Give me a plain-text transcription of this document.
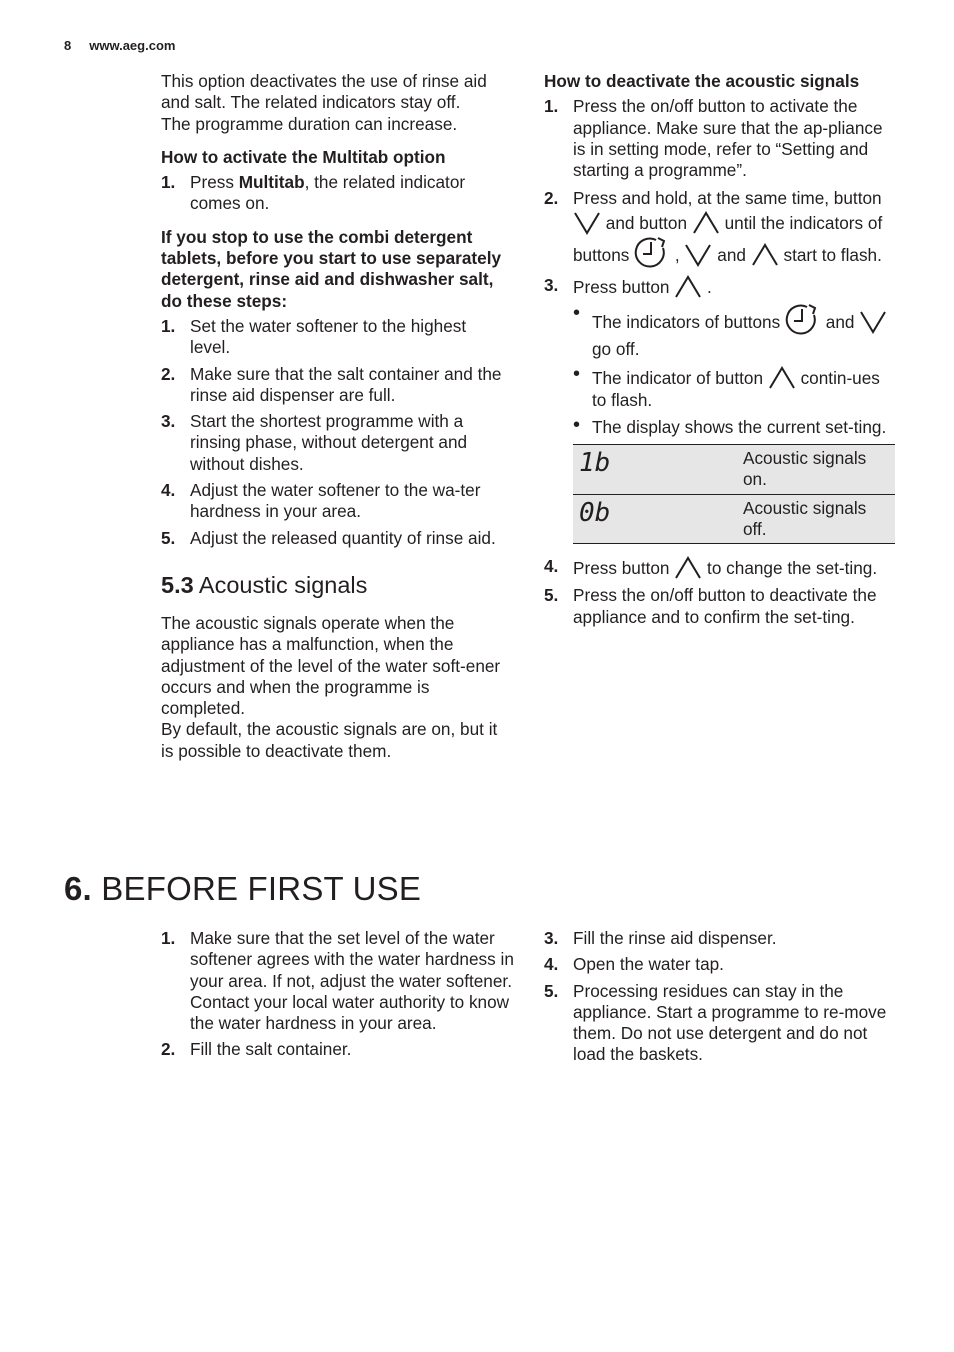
8 www.aeg.com

This option deactivates the use of rinse aid and salt. The related indicators stay off.

The programme duration can increase.

How to activate the Multitab option

1. Press Multitab, the related indicator comes on.

If you stop to use the combi detergent tablets, before you start to use separately detergent, rinse aid and dishwasher salt, do these steps:

1. Set the water softener to the highest level.
2. Make sure that the salt container and the rinse aid dispenser are full.
3. Start the shortest programme with a rinsing phase, without detergent and without dishes.
4. Adjust the water softener to the wa-ter hardness in your area.
5. Adjust the released quantity of rinse aid.
5.3 Acoustic signals

The acoustic signals operate when the appliance has a malfunction, when the adjustment of the level of the water soft-ener occurs and when the programme is completed.

By default, the acoustic signals are on, but it is possible to deactivate them.

How to deactivate the acoustic signals

1. Press the on/off button to activate the appliance. Make sure that the ap-pliance is in setting mode, refer to “Setting and starting a programme”.
2. Press and hold, at the same time, button  and button  until the indicators of buttons  ,  and  start to flash.
3. Press button  .
• The indicators of buttons  and  go off.
• The indicator of button  contin-ues to flash.
• The display shows the current set-ting.
1b	Acoustic signals on.
0b	Acoustic signals off.
4. Press button  to change the set-ting.
5. Press the on/off button to deactivate the appliance and to confirm the set-ting.
6. BEFORE FIRST USE
1. Make sure that the set level of the water softener agrees with the water hardness in your area. If not, adjust the water softener. Contact your local water authority to know the water hardness in your area.
2. Fill the salt container.
3. Fill the rinse aid dispenser.
4. Open the water tap.
5. Processing residues can stay in the appliance. Start a programme to re-move them. Do not use detergent and do not load the baskets.
